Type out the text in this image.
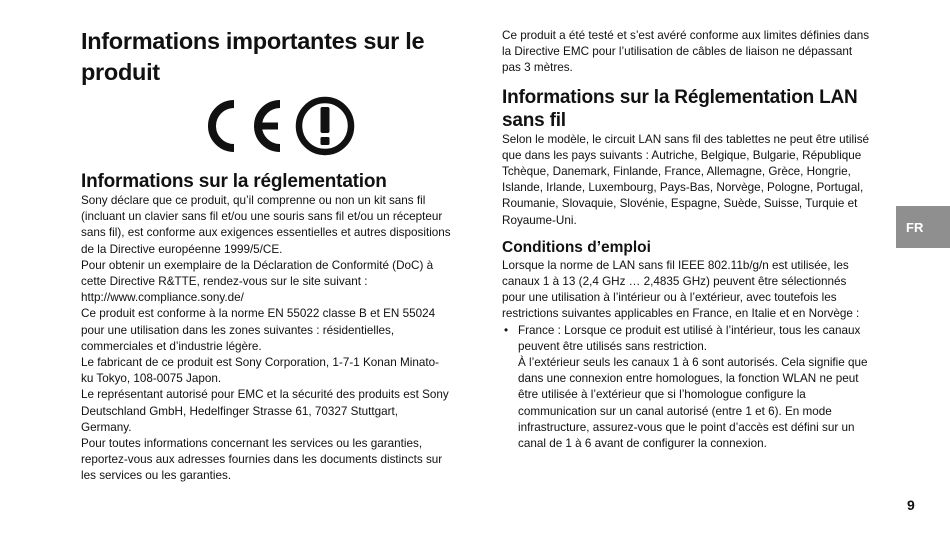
Informations importantes sur le produit
Informations sur la réglementation

Sony déclare que ce produit, qu’il comprenne ou non un kit sans fil (incluant un clavier sans fil et/ou une souris sans fil et/ou un récepteur sans fil), est conforme aux exigences essentielles et autres dispositions de la Directive européenne 1999/5/CE.

Pour obtenir un exemplaire de la Déclaration de Conformité (DoC) à cette Directive R&TTE, rendez-vous sur le site suivant :

http://www.compliance.sony.de/

Ce produit est conforme à la norme EN 55022 classe B et EN 55024 pour une utilisation dans les zones suivantes : résidentielles, commerciales et d’industrie légère.

Le fabricant de ce produit est Sony Corporation, 1-7-1 Konan Minato-ku Tokyo, 108-0075 Japon.

Le représentant autorisé pour EMC et la sécurité des produits est Sony Deutschland GmbH, Hedelfinger Strasse 61, 70327 Stuttgart, Germany.

Pour toutes informations concernant les services ou les garanties, reportez-vous aux adresses fournies dans les documents distincts sur les services ou les garanties.

Ce produit a été testé et s’est avéré conforme aux limites définies dans la Directive EMC pour l’utilisation de câbles de liaison ne dépassant pas 3 mètres.

Informations sur la Réglementation LAN sans fil

Selon le modèle, le circuit LAN sans fil des tablettes ne peut être utilisé que dans les pays suivants : Autriche, Belgique, Bulgarie, République Tchèque, Danemark, Finlande, France, Allemagne, Grèce, Hongrie, Islande, Irlande, Luxembourg, Pays-Bas, Norvège, Pologne, Portugal, Roumanie, Slovaquie, Slovénie, Espagne, Suède, Suisse, Turquie et Royaume-Uni.

Conditions d’emploi

Lorsque la norme de LAN sans fil IEEE 802.11b/g/n est utilisée, les canaux 1 à 13 (2,4 GHz … 2,4835 GHz) peuvent être sélectionnés pour une utilisation à l’intérieur ou à l’extérieur, avec toutefois les restrictions suivantes applicables en France, en Italie et en Norvège :

• France : Lorsque ce produit est utilisé à l’intérieur, tous les canaux peuvent être utilisés sans restriction.

À l’extérieur seuls les canaux 1 à 6 sont autorisés. Cela signifie que dans une connexion entre homologues, la fonction WLAN ne peut être utilisée à l’extérieur que si l’homologue configure la communication sur un canal autorisé (entre 1 et 6). En mode infrastructure, assurez-vous que le point d’accès est défini sur un canal de 1 à 6 avant de configurer la connexion.

FR
9
